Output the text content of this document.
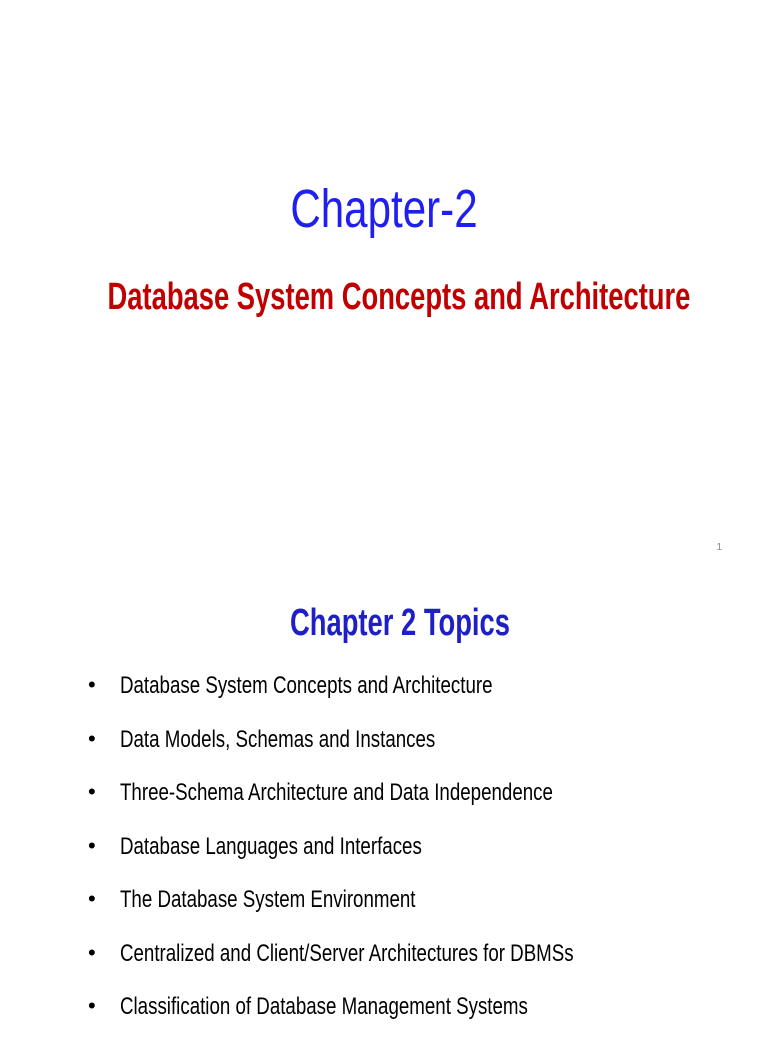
Chapter-2
Database System Concepts and Architecture
1
Chapter 2 Topics
• Database System Concepts and Architecture
• Data Models, Schemas and Instances
• Three-Schema Architecture and Data Independence
• Database Languages and Interfaces
• The Database System Environment
• Centralized and Client/Server Architectures for DBMSs
• Classification of Database Management Systems
